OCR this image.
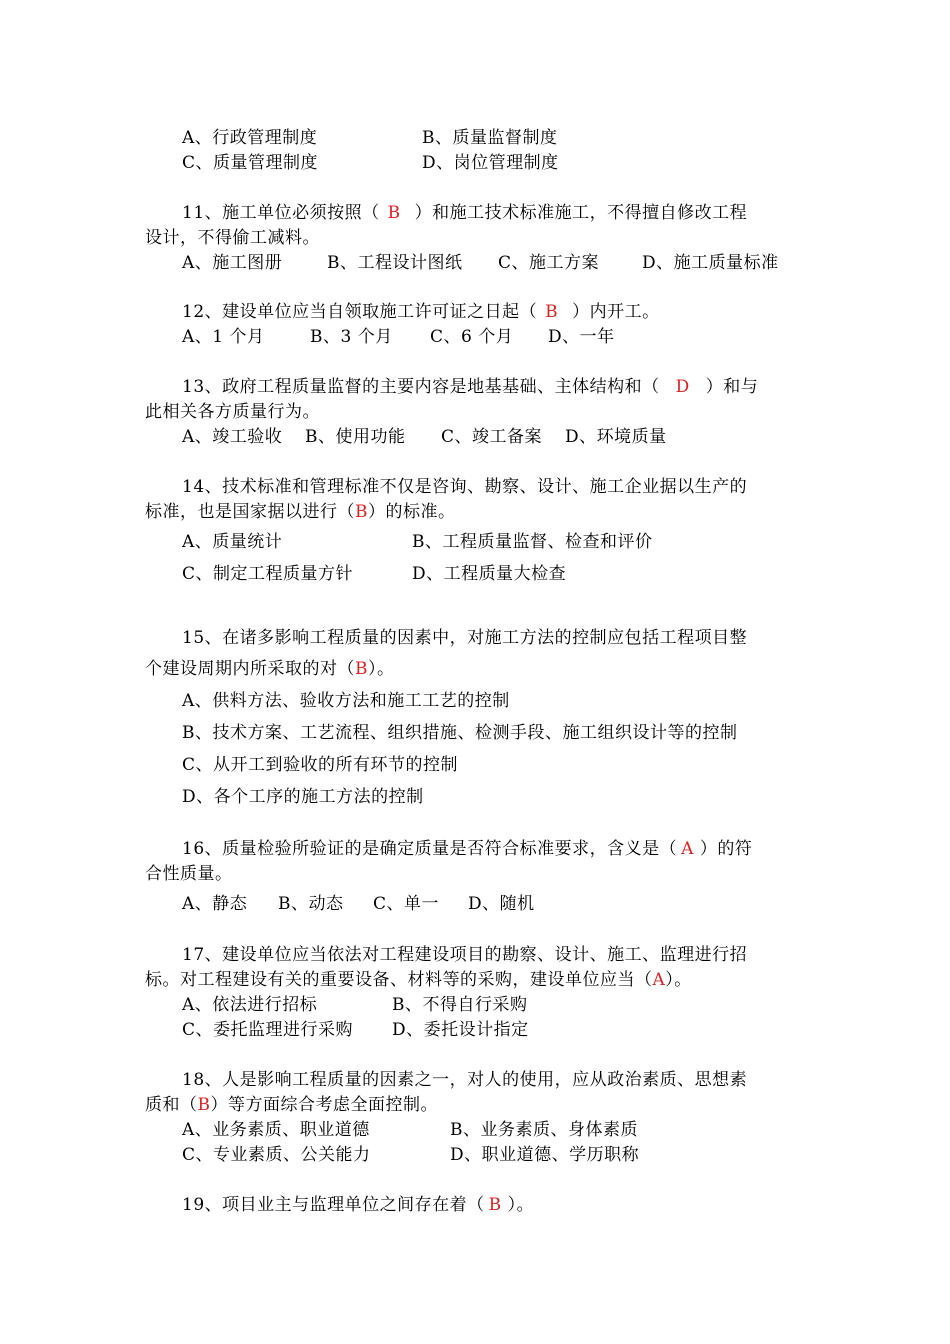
A、行政管理制度	B、质量监督制度
C、质量管理制度	D、岗位管理制度
11、施工单位必须按照（ B ）和施工技术标准施工，不得擅自修改工程
设计，不得偷工减料。
A、施工图册	B、工程设计图纸 C、施工方案	D、施工质量标准
12、建设单位应当自领取施工许可证之日起（ B ）内开工。
A、1 个月	B、3 个月 C、6 个月 D、一年
13、政府工程质量监督的主要内容是地基基础、主体结构和（ D ）和与
此相关各方质量行为。
A、竣工验收 B、使用功能 C、竣工备案 D、环境质量
14、技术标准和管理标准不仅是咨询、勘察、设计、施工企业据以生产的
标准，也是国家据以进行（B）的标准。
A、质量统计	B、工程质量监督、检查和评价
C、制定工程质量方针	D、工程质量大检查
15、在诸多影响工程质量的因素中，对施工方法的控制应包括工程项目整
个建设周期内所采取的对（B）。
A、供料方法、验收方法和施工工艺的控制
B、技术方案、工艺流程、组织措施、检测手段、施工组织设计等的控制
C、从开工到验收的所有环节的控制
D、各个工序的施工方法的控制
16、质量检验所验证的是确定质量是否符合标准要求，含义是（ A ）的符
合性质量。
A、静态 B、动态 C、单一 D、随机
17、建设单位应当依法对工程建设项目的勘察、设计、施工、监理进行招
标。对工程建设有关的重要设备、材料等的采购，建设单位应当（A）。
A、依法进行招标	B、不得自行采购
C、委托监理进行采购 D、委托设计指定
18、人是影响工程质量的因素之一，对人的使用，应从政治素质、思想素
质和（B）等方面综合考虑全面控制。
A、业务素质、职业道德	B、业务素质、身体素质
C、专业素质、公关能力	D、职业道德、学历职称
19、项目业主与监理单位之间存在着（ B ）。
